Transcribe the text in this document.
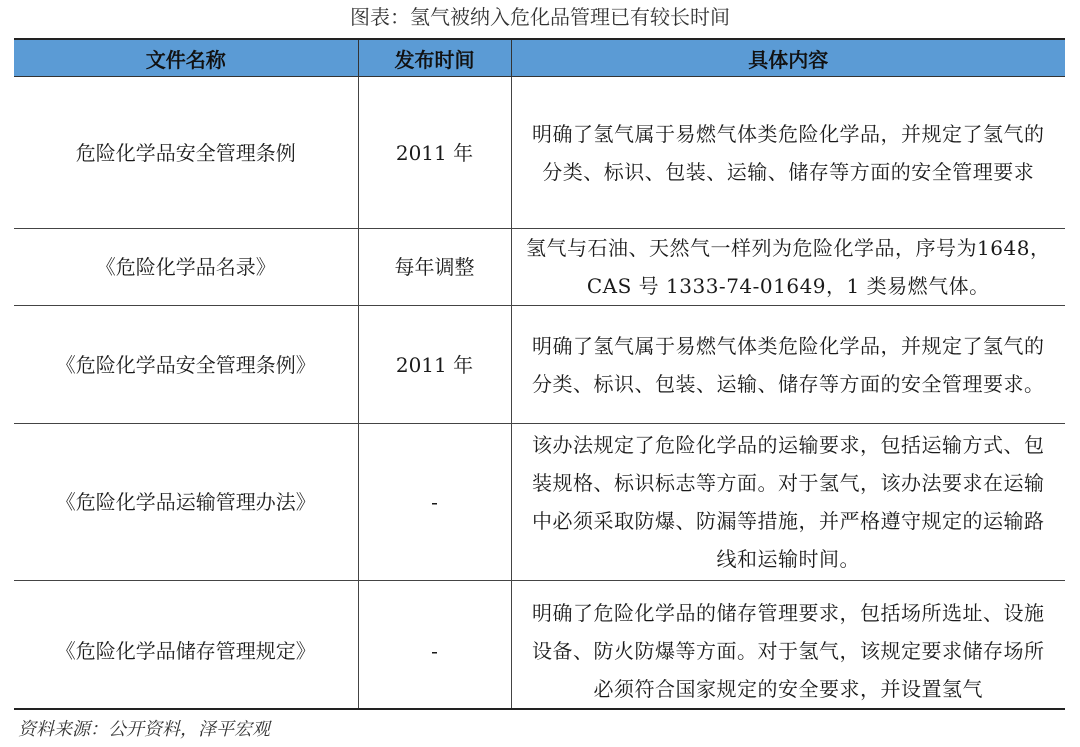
图表：氢气被纳入危化品管理已有较长时间
文件名称	发布时间	具体内容
危险化学品安全管理条例	2011 年	明确了氢气属于易燃气体类危险化学品，并规定了氢气的分类、标识、包装、运输、储存等方面的安全管理要求
《危险化学品名录》	每年调整	氢气与石油、天然气一样列为危险化学品，序号为1648，CAS 号 1333-74-01649，1 类易燃气体。
《危险化学品安全管理条例》	2011 年	明确了氢气属于易燃气体类危险化学品，并规定了氢气的分类、标识、包装、运输、储存等方面的安全管理要求。
《危险化学品运输管理办法》	-	该办法规定了危险化学品的运输要求，包括运输方式、包装规格、标识标志等方面。对于氢气，该办法要求在运输中必须采取防爆、防漏等措施，并严格遵守规定的运输路线和运输时间。
《危险化学品储存管理规定》	-	明确了危险化学品的储存管理要求，包括场所选址、设施设备、防火防爆等方面。对于氢气，该规定要求储存场所必须符合国家规定的安全要求，并设置氢气
资料来源：公开资料，泽平宏观
